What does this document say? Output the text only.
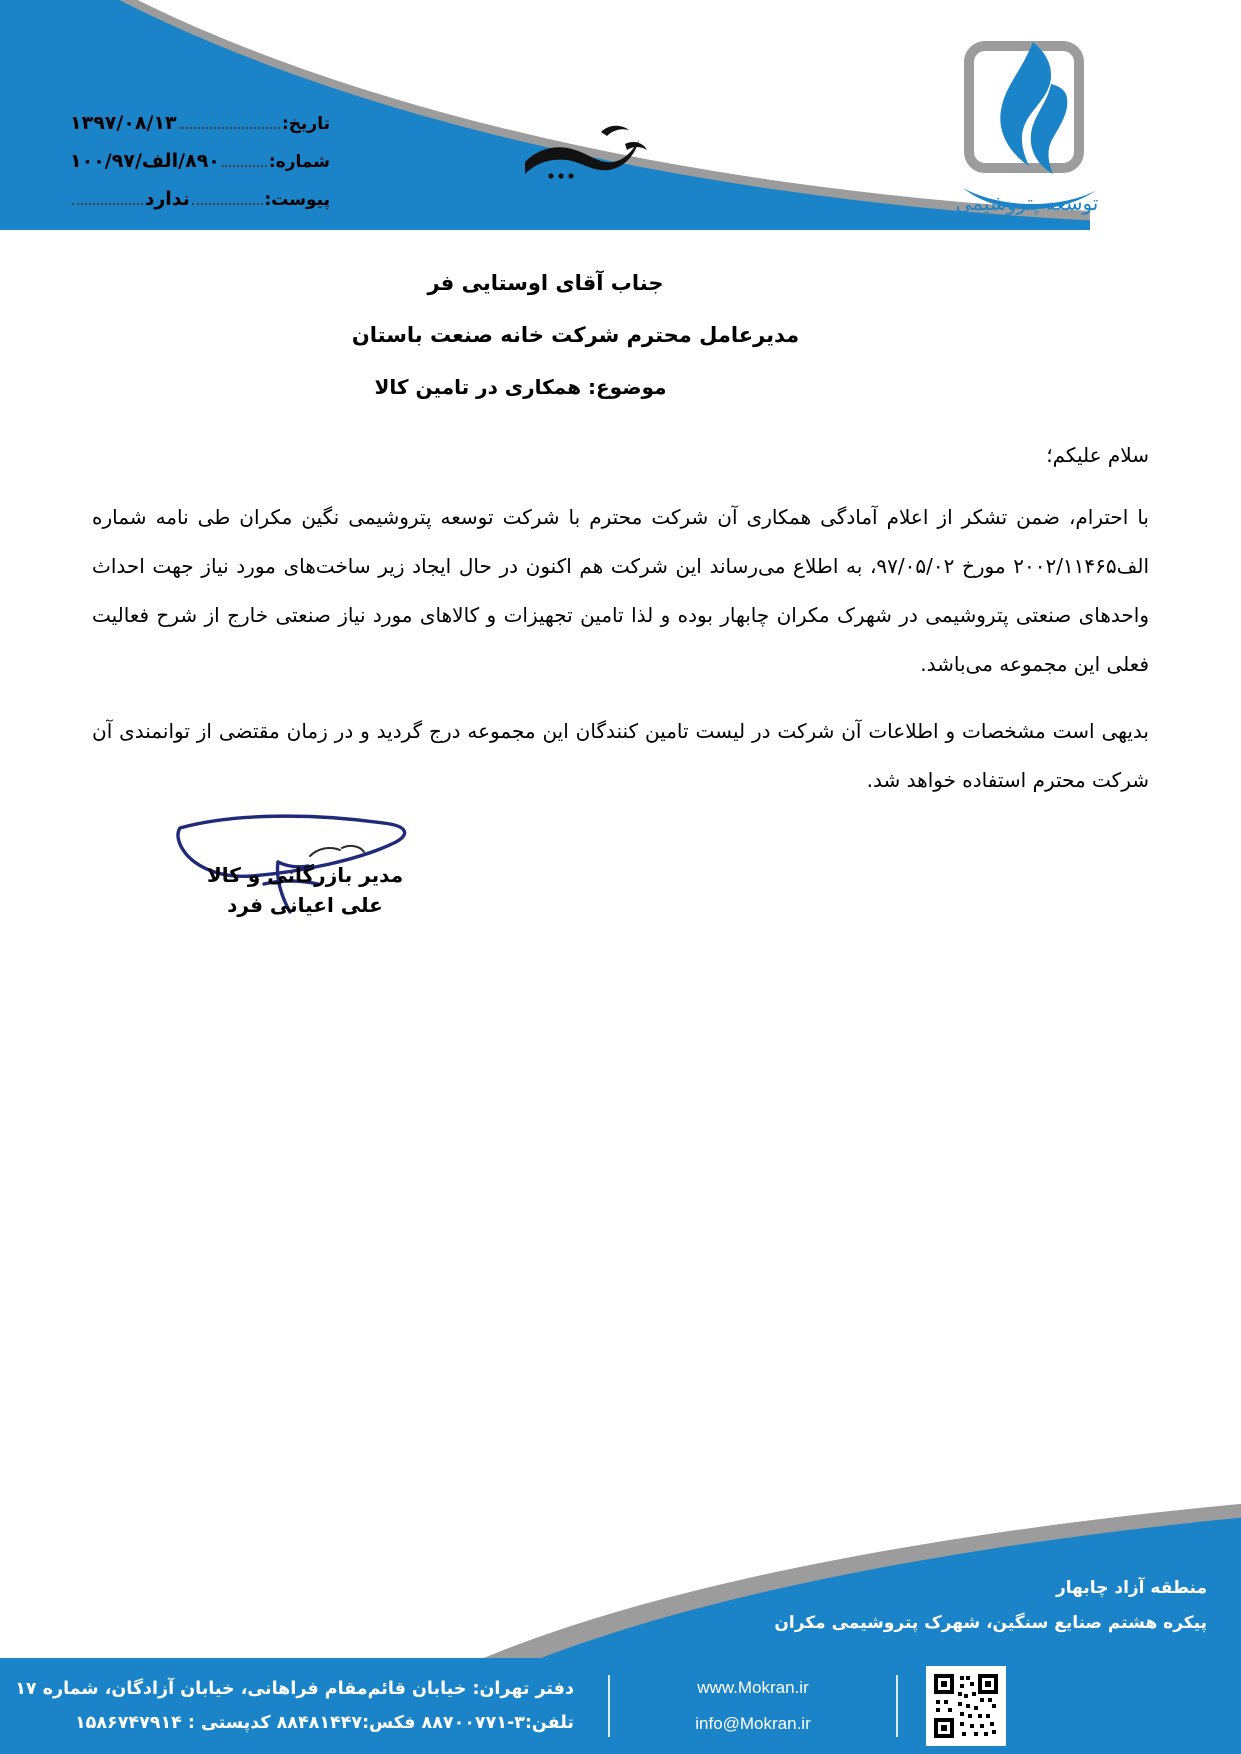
توسعه پتروشیمی
تاریخ:
۱۳۹۷/۰۸/۱۳
شماره:
۸۹۰/الف/۱۰۰/۹۷
پیوست:
ندارد
جناب آقای اوستایی فر
مدیرعامل محترم شرکت خانه صنعت باستان
موضوع: همکاری در تامین کالا
سلام علیکم؛
با احترام، ضمن تشکر از اعلام آمادگی همکاری آن شرکت محترم با شرکت توسعه پتروشیمی نگین مکران طی نامه شماره الف۲۰۰۲/۱۱۴۶۵ مورخ ۹۷/۰۵/۰۲، به اطلاع می‌رساند این شرکت هم اکنون در حال ایجاد زیر ساخت‌های مورد نیاز جهت احداث واحدهای صنعتی پتروشیمی در شهرک مکران چابهار بوده و لذا تامین تجهیزات و کالاهای مورد نیاز صنعتی خارج از شرح فعالیت فعلی این مجموعه می‌باشد.
بدیهی است مشخصات و اطلاعات آن شرکت در لیست تامین کنندگان این مجموعه درج گردید و در زمان مقتضی از توانمندی آن شرکت محترم استفاده خواهد شد.
مدیر بازرگانی و کالا
علی اعیانی فرد
منطقه آزاد چابهار
پیکره هشتم صنایع سنگین، شهرک پتروشیمی مکران
دفتر تهران: خیابان قائم‌مقام فراهانی، خیابان آزادگان، شماره ۱۷
تلفن:۳-۸۸۷۰۰۷۷۱ فکس:۸۸۴۸۱۴۴۷ کدپستی : ۱۵۸۶۷۴۷۹۱۴
www.Mokran.ir
info@Mokran.ir
